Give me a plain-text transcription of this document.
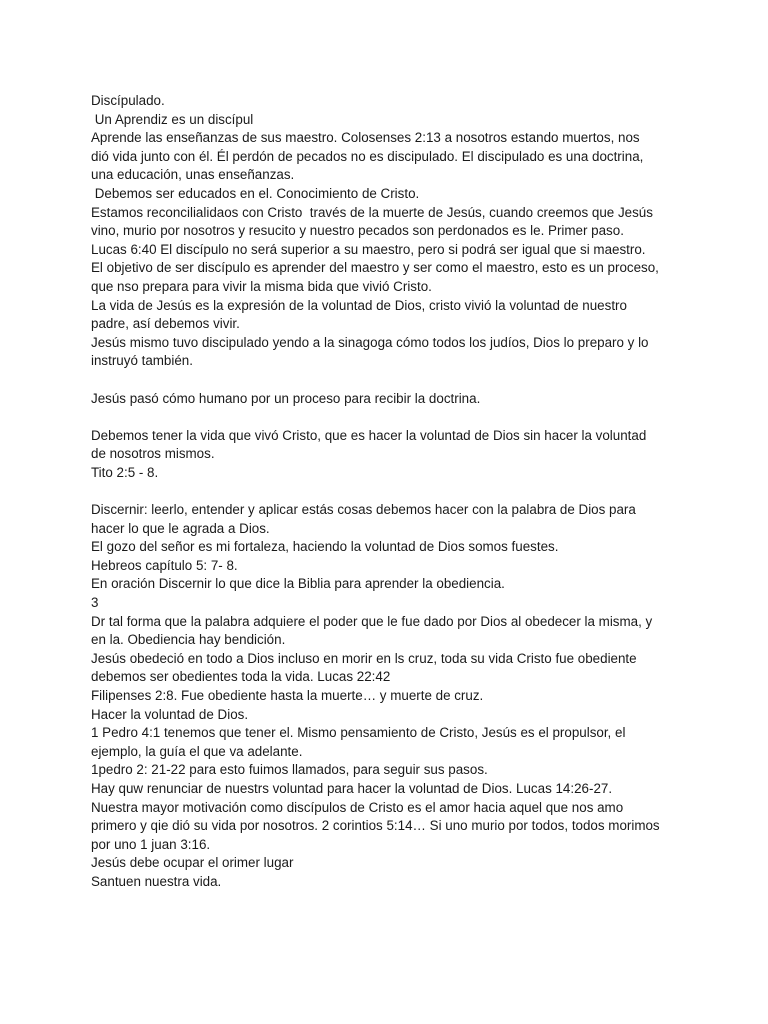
Discípulado.
Un Aprendiz es un discípul
Aprende las enseñanzas de sus maestro. Colosenses 2:13 a nosotros estando muertos, nos
dió vida junto con él. Él perdón de pecados no es discipulado. El discipulado es una doctrina,
una educación, unas enseñanzas.
Debemos ser educados en el. Conocimiento de Cristo.
Estamos reconcilialidaos con Cristo  través de la muerte de Jesús, cuando creemos que Jesús
vino, murio por nosotros y resucito y nuestro pecados son perdonados es le. Primer paso.
Lucas 6:40 El discípulo no será superior a su maestro, pero si podrá ser igual que si maestro.
El objetivo de ser discípulo es aprender del maestro y ser como el maestro, esto es un proceso,
que nso prepara para vivir la misma bida que vivió Cristo.
La vida de Jesús es la expresión de la voluntad de Dios, cristo vivió la voluntad de nuestro
padre, así debemos vivir.
Jesús mismo tuvo discipulado yendo a la sinagoga cómo todos los judíos, Dios lo preparo y lo
instruyó también.
Jesús pasó cómo humano por un proceso para recibir la doctrina.
Debemos tener la vida que vivó Cristo, que es hacer la voluntad de Dios sin hacer la voluntad
de nosotros mismos.
Tito 2:5 - 8.
Discernir: leerlo, entender y aplicar estás cosas debemos hacer con la palabra de Dios para
hacer lo que le agrada a Dios.
El gozo del señor es mi fortaleza, haciendo la voluntad de Dios somos fuestes.
Hebreos capítulo 5: 7- 8.
En oración Discernir lo que dice la Biblia para aprender la obediencia.
3
Dr tal forma que la palabra adquiere el poder que le fue dado por Dios al obedecer la misma, y
en la. Obediencia hay bendición.
Jesús obedeció en todo a Dios incluso en morir en ls cruz, toda su vida Cristo fue obediente
debemos ser obedientes toda la vida. Lucas 22:42
Filipenses 2:8. Fue obediente hasta la muerte… y muerte de cruz.
Hacer la voluntad de Dios.
1 Pedro 4:1 tenemos que tener el. Mismo pensamiento de Cristo, Jesús es el propulsor, el
ejemplo, la guía el que va adelante.
1pedro 2: 21-22 para esto fuimos llamados, para seguir sus pasos.
Hay quw renunciar de nuestrs voluntad para hacer la voluntad de Dios. Lucas 14:26-27.
Nuestra mayor motivación como discípulos de Cristo es el amor hacia aquel que nos amo
primero y qie dió su vida por nosotros. 2 corintios 5:14… Si uno murio por todos, todos morimos
por uno 1 juan 3:16.
Jesús debe ocupar el orimer lugar
Santuen nuestra vida.
